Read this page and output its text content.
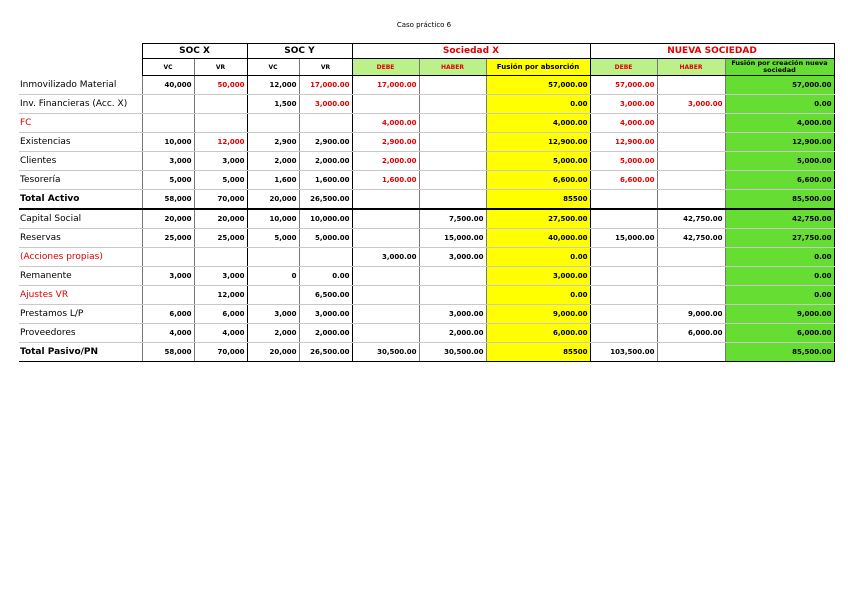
Caso práctico 6
	SOC X		SOC Y		Sociedad X			NUEVA SOCIEDAD		
	VC	VR	VC	VR	DEBE	HABER	Fusión por absorción	DEBE	HABER	Fusión por creación nueva sociedad
Inmovilizado Material	40,000	50,000	12,000	17,000.00	17,000.00		57,000.00	57,000.00		57,000.00
Inv. Financieras (Acc. X)			1,500	3,000.00			0.00	3,000.00	3,000.00	0.00
FC					4,000.00		4,000.00	4,000.00		4,000.00
Existencias	10,000	12,000	2,900	2,900.00	2,900.00		12,900.00	12,900.00		12,900.00
Clientes	3,000	3,000	2,000	2,000.00	2,000.00		5,000.00	5,000.00		5,000.00
Tesorería	5,000	5,000	1,600	1,600.00	1,600.00		6,600.00	6,600.00		6,600.00
Total Activo	58,000	70,000	20,000	26,500.00			85500			85,500.00
Capital Social	20,000	20,000	10,000	10,000.00		7,500.00	27,500.00		42,750.00	42,750.00
Reservas	25,000	25,000	5,000	5,000.00		15,000.00	40,000.00	15,000.00	42,750.00	27,750.00
(Acciones propias)					3,000.00	3,000.00	0.00			0.00
Remanente	3,000	3,000	0	0.00			3,000.00			0.00
Ajustes VR		12,000		6,500.00			0.00			0.00
Prestamos L/P	6,000	6,000	3,000	3,000.00		3,000.00	9,000.00		9,000.00	9,000.00
Proveedores	4,000	4,000	2,000	2,000.00		2,000.00	6,000.00		6,000.00	6,000.00
Total Pasivo/PN	58,000	70,000	20,000	26,500.00	30,500.00	30,500.00	85500	103,500.00		85,500.00
